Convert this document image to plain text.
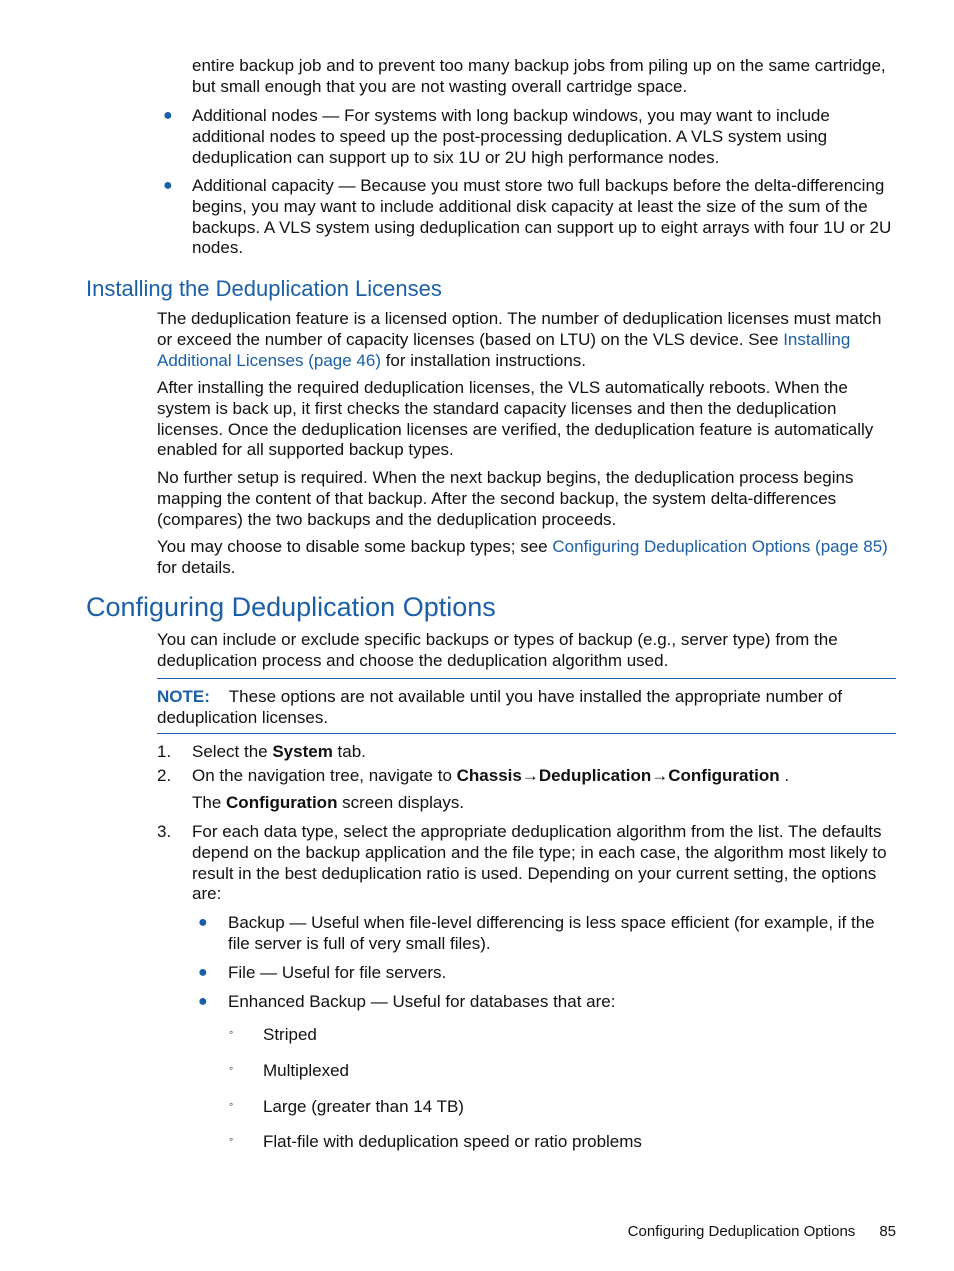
entire backup job and to prevent too many backup jobs from piling up on the same cartridge, but small enough that you are not wasting overall cartridge space.

● Additional nodes — For systems with long backup windows, you may want to include additional nodes to speed up the post-processing deduplication. A VLS system using deduplication can support up to six 1U or 2U high performance nodes.

● Additional capacity — Because you must store two full backups before the delta-differencing begins, you may want to include additional disk capacity at least the size of the sum of the backups. A VLS system using deduplication can support up to eight arrays with four 1U or 2U nodes.

Installing the Deduplication Licenses

The deduplication feature is a licensed option. The number of deduplication licenses must match or exceed the number of capacity licenses (based on LTU) on the VLS device. See Installing Additional Licenses (page 46) for installation instructions.

After installing the required deduplication licenses, the VLS automatically reboots. When the system is back up, it first checks the standard capacity licenses and then the deduplication licenses. Once the deduplication licenses are verified, the deduplication feature is automatically enabled for all supported backup types.

No further setup is required. When the next backup begins, the deduplication process begins mapping the content of that backup. After the second backup, the system delta-differences (compares) the two backups and the deduplication proceeds.

You may choose to disable some backup types; see Configuring Deduplication Options (page 85) for details.

Configuring Deduplication Options

You can include or exclude specific backups or types of backup (e.g., server type) from the deduplication process and choose the deduplication algorithm used.

NOTE: These options are not available until you have installed the appropriate number of deduplication licenses.

1. Select the System tab.

2. On the navigation tree, navigate to Chassis→Deduplication→Configuration .

The Configuration screen displays.

3. For each data type, select the appropriate deduplication algorithm from the list. The defaults depend on the backup application and the file type; in each case, the algorithm most likely to result in the best deduplication ratio is used. Depending on your current setting, the options are:

● Backup — Useful when file-level differencing is less space efficient (for example, if the file server is full of very small files).

● File — Useful for file servers.

● Enhanced Backup — Useful for databases that are:

◦ Striped

◦ Multiplexed

◦ Large (greater than 14 TB)

◦ Flat-file with deduplication speed or ratio problems

Configuring Deduplication Options 85
